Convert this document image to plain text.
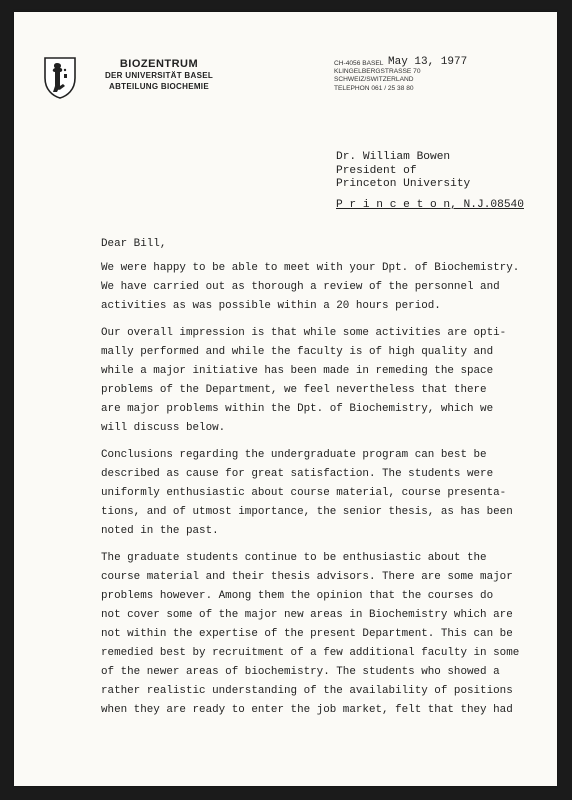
BIOZENTRUM
DER UNIVERSITÄT BASEL
ABTEILUNG BIOCHEMIE
CH-4056 BASEL
KLINGELBERGSTRASSE 70
SCHWEIZ/SWITZERLAND
TELEPHON 061 / 25 38 80
May 13, 1977
Dr. William Bowen
President of
Princeton University
P r i n c e t o n, N.J.08540
Dear Bill,
We were happy to be able to meet with your Dpt. of Biochemistry.
We have carried out as thorough a review of the personnel and
activities as was possible within a 20 hours period.
Our overall impression is that while some activities are opti-
mally performed and while the faculty is of high quality and
while a major initiative has been made in remeding the space
problems of the Department, we feel nevertheless that there
are major problems within the Dpt. of Biochemistry, which we
will discuss below.
Conclusions regarding the undergraduate program can best be
described as cause for great satisfaction. The students were
uniformly enthusiastic about course material, course presenta-
tions, and of utmost importance, the senior thesis, as has been
noted in the past.
The graduate students continue to be enthusiastic about the
course material and their thesis advisors. There are some major
problems however. Among them the opinion that the courses do
not cover some of the major new areas in Biochemistry which are
not within the expertise of the present Department. This can be
remedied best by recruitment of a few additional faculty in some
of the newer areas of biochemistry. The students who showed a
rather realistic understanding of the availability of positions
when they are ready to enter the job market, felt that they had
